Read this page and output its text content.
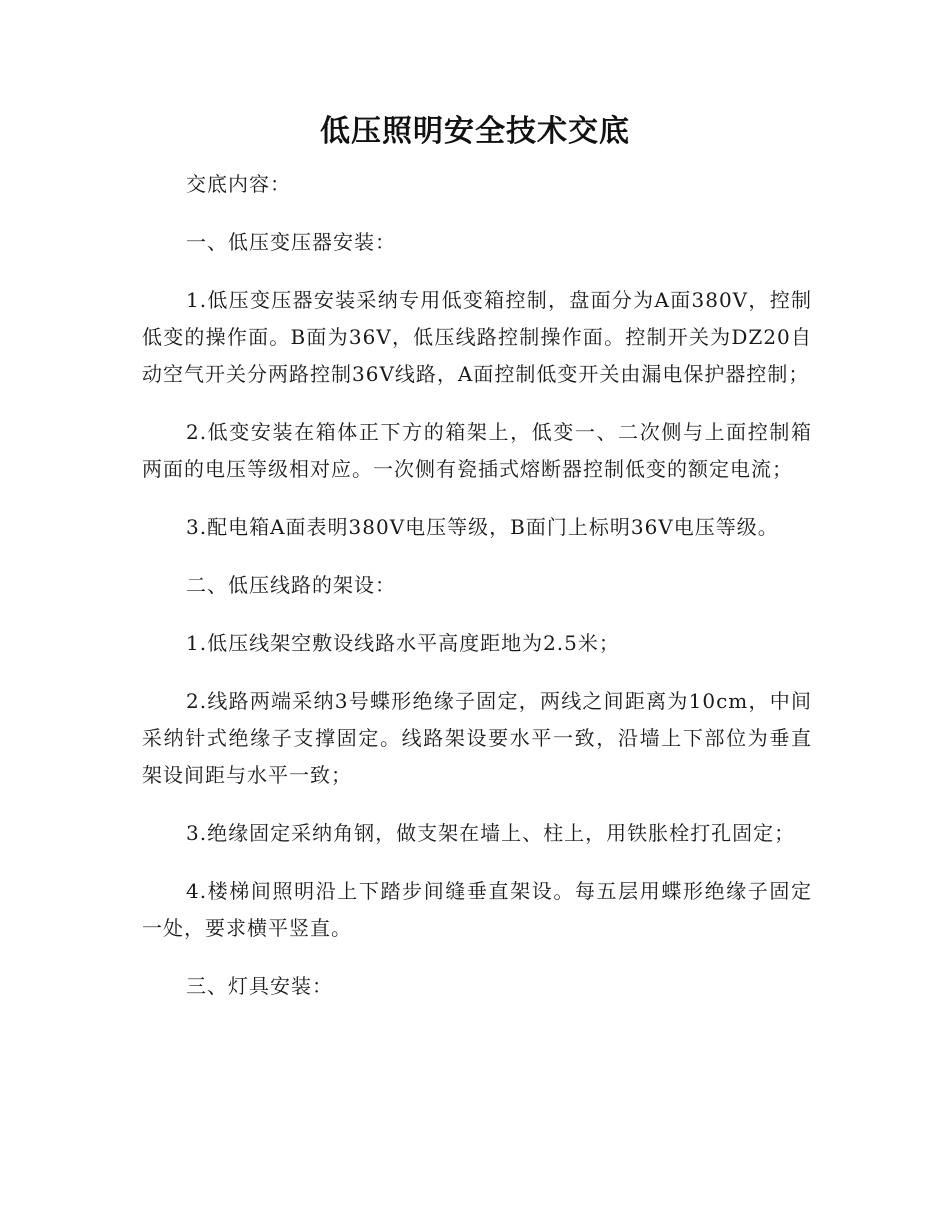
低压照明安全技术交底

交底内容：

一、低压变压器安装：

1.低压变压器安装采纳专用低变箱控制，盘面分为A面380V，控制低变的操作面。B面为36V，低压线路控制操作面。控制开关为DZ20自动空气开关分两路控制36V线路，A面控制低变开关由漏电保护器控制；

2.低变安装在箱体正下方的箱架上，低变一、二次侧与上面控制箱两面的电压等级相对应。一次侧有瓷插式熔断器控制低变的额定电流；

3.配电箱A面表明380V电压等级，B面门上标明36V电压等级。

二、低压线路的架设：

1.低压线架空敷设线路水平高度距地为2.5米；

2.线路两端采纳3号蝶形绝缘子固定，两线之间距离为10cm，中间采纳针式绝缘子支撑固定。线路架设要水平一致，沿墙上下部位为垂直架设间距与水平一致；

3.绝缘固定采纳角钢，做支架在墙上、柱上，用铁胀栓打孔固定；

4.楼梯间照明沿上下踏步间缝垂直架设。每五层用蝶形绝缘子固定一处，要求横平竖直。

三、灯具安装：
